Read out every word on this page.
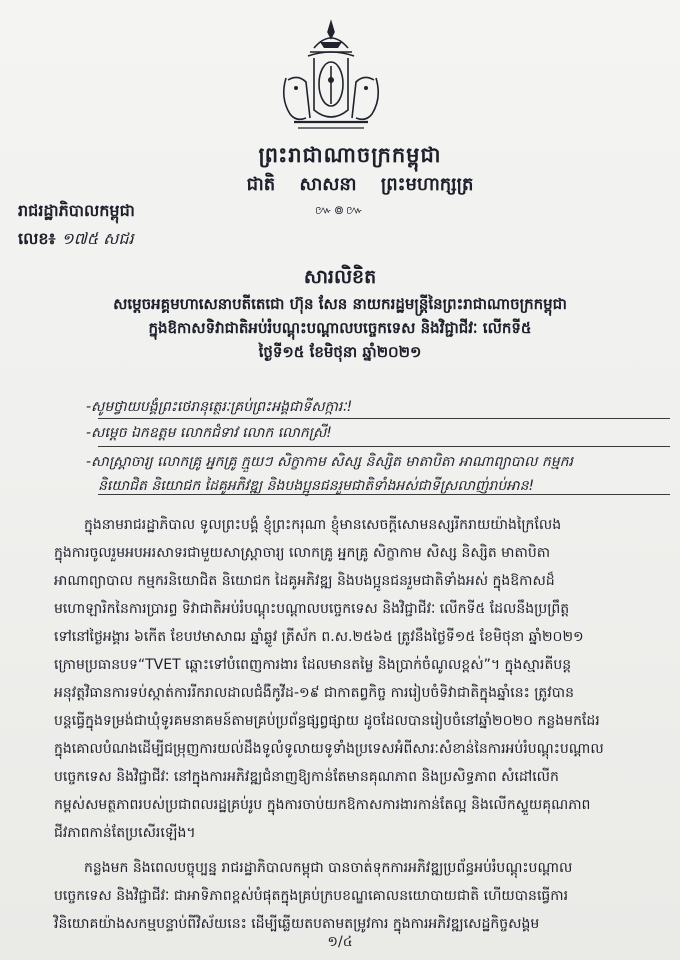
ព្រះរាជាណាចក្រកម្ពុជា
ជាតិ សាសនា ព្រះមហាក្សត្រ
៚៙៚
រាជរដ្ឋាភិបាលកម្ពុជា
លេខ៖ ១៧៥ សជរ
សារលិខិត
សម្ដេចអគ្គមហាសេនាបតីតេជោ ហ៊ុន សែន នាយករដ្ឋមន្ត្រីនៃព្រះរាជាណាចក្រកម្ពុជា
ក្នុងឱកាសទិវាជាតិអប់រំបណ្ដុះបណ្ដាលបច្ចេកទេស និងវិជ្ជាជីវៈ លើកទី៥
ថ្ងៃទី១៥ ខែមិថុនា ឆ្នាំ២០២១
-សូមថ្វាយបង្គំព្រះថេរានុត្ថេរៈគ្រប់ព្រះអង្គជាទីសក្ការៈ!
-សម្ដេច ឯកឧត្ដម លោកជំទាវ លោក លោកស្រី!
-សាស្ត្រាចារ្យ លោកគ្រូ អ្នកគ្រូ ក្មួយៗ សិក្ខាកាម សិស្ស និស្សិត មាតាបិតា អាណាព្យាបាល កម្មករ
និយោជិត និយោជក ដៃគូអភិវឌ្ឍ និងបងប្អូនជនរួមជាតិទាំងអស់ជាទីស្រលាញ់រាប់អាន!
ក្នុងនាមរាជរដ្ឋាភិបាល ទូលព្រះបង្គំ ខ្ញុំព្រះករុណា ខ្ញុំមានសេចក្ដីសោមនស្សរីករាយយ៉ាងក្រៃលែង
ក្នុងការចូលរួមអបអរសាទរជាមួយសាស្ត្រាចារ្យ លោកគ្រូ អ្នកគ្រូ សិក្ខាកាម សិស្ស និស្សិត មាតាបិតា
អាណាព្យាបាល កម្មករនិយោជិត និយោជក ដៃគូអភិវឌ្ឍ និងបងប្អូនជនរួមជាតិទាំងអស់ ក្នុងឱកាសដ៏
មហោឡារិកនៃការប្រារព្ធ ទិវាជាតិអប់រំបណ្ដុះបណ្ដាលបច្ចេកទេស និងវិជ្ជាជីវៈ លើកទី៥ ដែលនឹងប្រព្រឹត្ត
ទៅនៅថ្ងៃអង្គារ ៦កើត ខែបឋមាសាឍ ឆ្នាំឆ្លូវ ត្រីស័ក ព.ស.២៥៦៥ ត្រូវនឹងថ្ងៃទី១៥ ខែមិថុនា ឆ្នាំ២០២១
ក្រោមប្រធានបទ“TVET ឆ្ពោះទៅបំពេញការងារ ដែលមានតម្លៃ និងប្រាក់ចំណូលខ្ពស់”។ ក្នុងស្មារតីបន្ត
អនុវត្តវិធានការទប់ស្កាត់ការរីករាលដាលជំងឺកូវីដ-១៩ ជាកាតព្វកិច្ច ការរៀបចំទិវាជាតិក្នុងឆ្នាំនេះ ត្រូវបាន
បន្តធ្វើក្នុងទម្រង់ជាឃុំទូរគមនាគមន៍តាមគ្រប់ប្រព័ន្ធផ្សព្វផ្សាយ ដូចដែលបានរៀបចំនៅឆ្នាំ២០២០ កន្លងមកដែរ
ក្នុងគោលបំណងដើម្បីជម្រុញការយល់ដឹងទូលំទូលាយទូទាំងប្រទេសអំពីសារៈសំខាន់នៃការអប់រំបណ្ដុះបណ្ដាល
បច្ចេកទេស និងវិជ្ជាជីវៈ នៅក្នុងការអភិវឌ្ឍជំនាញឱ្យកាន់តែមានគុណភាព និងប្រសិទ្ធភាព សំដៅលើក
កម្ពស់សមត្ថភាពរបស់ប្រជាពលរដ្ឋគ្រប់រូប ក្នុងការចាប់យកឱកាសការងារកាន់តែល្អ និងលើកស្ទួយគុណភាព
ជីវភាពកាន់តែប្រសើរឡើង។
កន្លងមក និងពេលបច្ចុប្បន្ន រាជរដ្ឋាភិបាលកម្ពុជា បានចាត់ទុកការអភិវឌ្ឍប្រព័ន្ធអប់រំបណ្ដុះបណ្ដាល
បច្ចេកទេស និងវិជ្ជាជីវៈ ជាអាទិភាពខ្ពស់បំផុតក្នុងគ្រប់ក្របខណ្ឌគោលនយោបាយជាតិ ហើយបានធ្វើការ
វិនិយោគយ៉ាងសកម្មបន្ទាប់ពីវិស័យនេះ ដើម្បីឆ្លើយតបតាមតម្រូវការ ក្នុងការអភិវឌ្ឍសេដ្ឋកិច្ចសង្គម
១/៤
